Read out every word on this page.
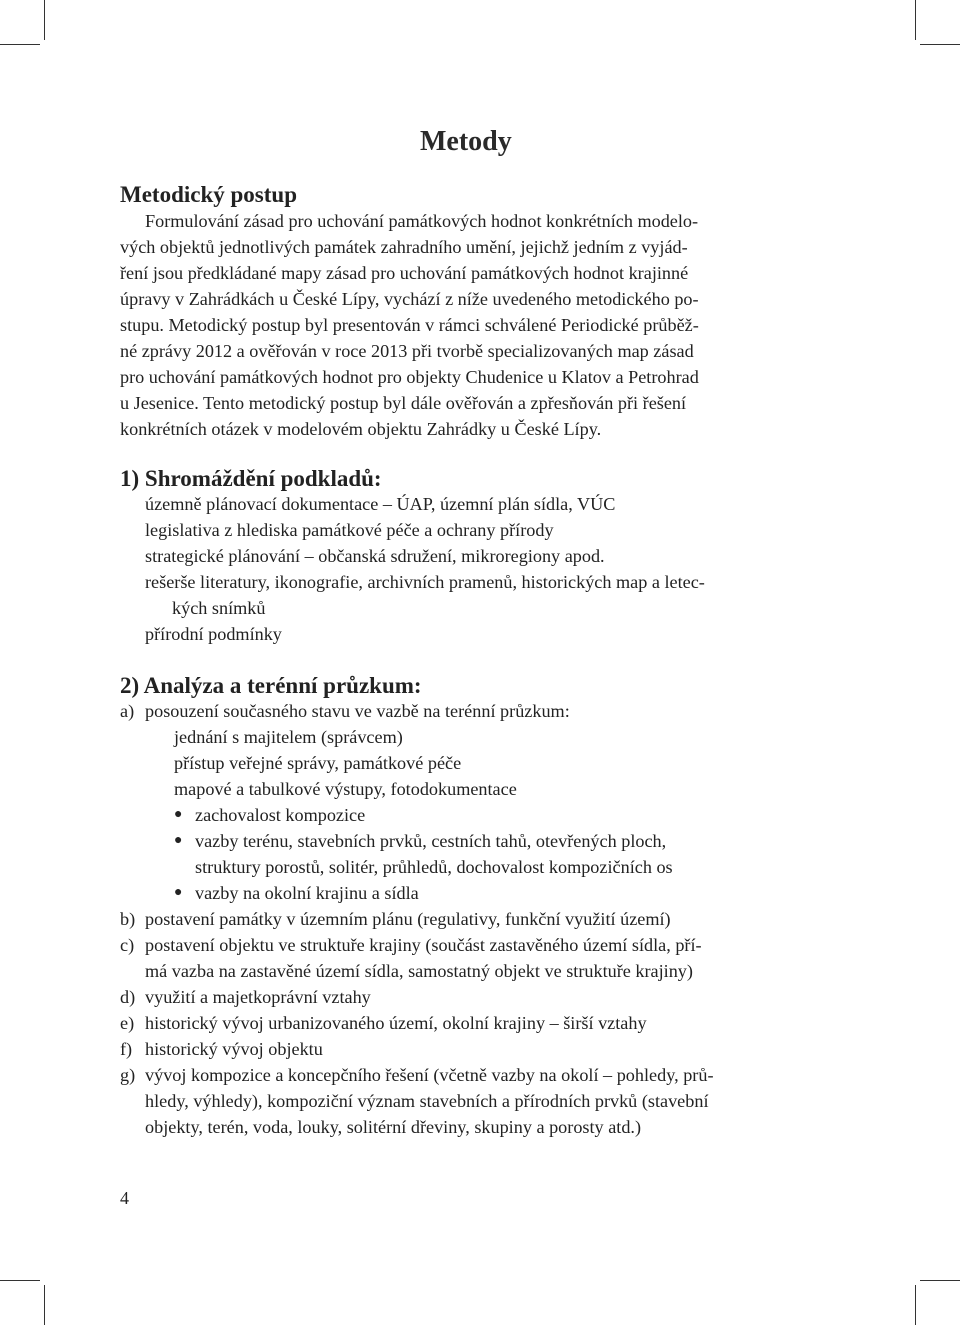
Metody
Metodický postup
Formulování zásad pro uchování památkových hodnot konkrétních modelo-
vých objektů jednotlivých památek zahradního umění, jejichž jedním z vyjád-
ření jsou předkládané mapy zásad pro uchování památkových hodnot krajinné
úpravy v Zahrádkách u České Lípy, vychází z níže uvedeného metodického po-
stupu. Metodický postup byl presentován v rámci schválené Periodické průběž-
né zprávy 2012 a ověřován v roce 2013 při tvorbě specializovaných map zásad
pro uchování památkových hodnot pro objekty Chudenice u Klatov a Petrohrad
u Jesenice. Tento metodický postup byl dále ověřován a zpřesňován při řešení
konkrétních otázek v modelovém objektu Zahrádky u České Lípy.
1) Shromáždění podkladů:
územně plánovací dokumentace – ÚAP, územní plán sídla, VÚC
legislativa z hlediska památkové péče a ochrany přírody
strategické plánování – občanská sdružení, mikroregiony apod.
rešerše literatury, ikonografie, archivních pramenů, historických map a letec-
kých snímků
přírodní podmínky
2) Analýza a terénní průzkum:
a) posouzení současného stavu ve vazbě na terénní průzkum:
jednání s majitelem (správcem)
přístup veřejné správy, památkové péče
mapové a tabulkové výstupy, fotodokumentace
● zachovalost kompozice
● vazby terénu, stavebních prvků, cestních tahů, otevřených ploch,
struktury porostů, solitér, průhledů, dochovalost kompozičních os
● vazby na okolní krajinu a sídla
b) postavení památky v územním plánu (regulativy, funkční využití území)
c) postavení objektu ve struktuře krajiny (součást zastavěného území sídla, pří-
má vazba na zastavěné území sídla, samostatný objekt ve struktuře krajiny)
d) využití a majetkoprávní vztahy
e) historický vývoj urbanizovaného území, okolní krajiny – širší vztahy
f) historický vývoj objektu
g) vývoj kompozice a koncepčního řešení (včetně vazby na okolí – pohledy, prů-
hledy, výhledy), kompoziční význam stavebních a přírodních prvků (stavební
objekty, terén, voda, louky, solitérní dřeviny, skupiny a porosty atd.)
4
